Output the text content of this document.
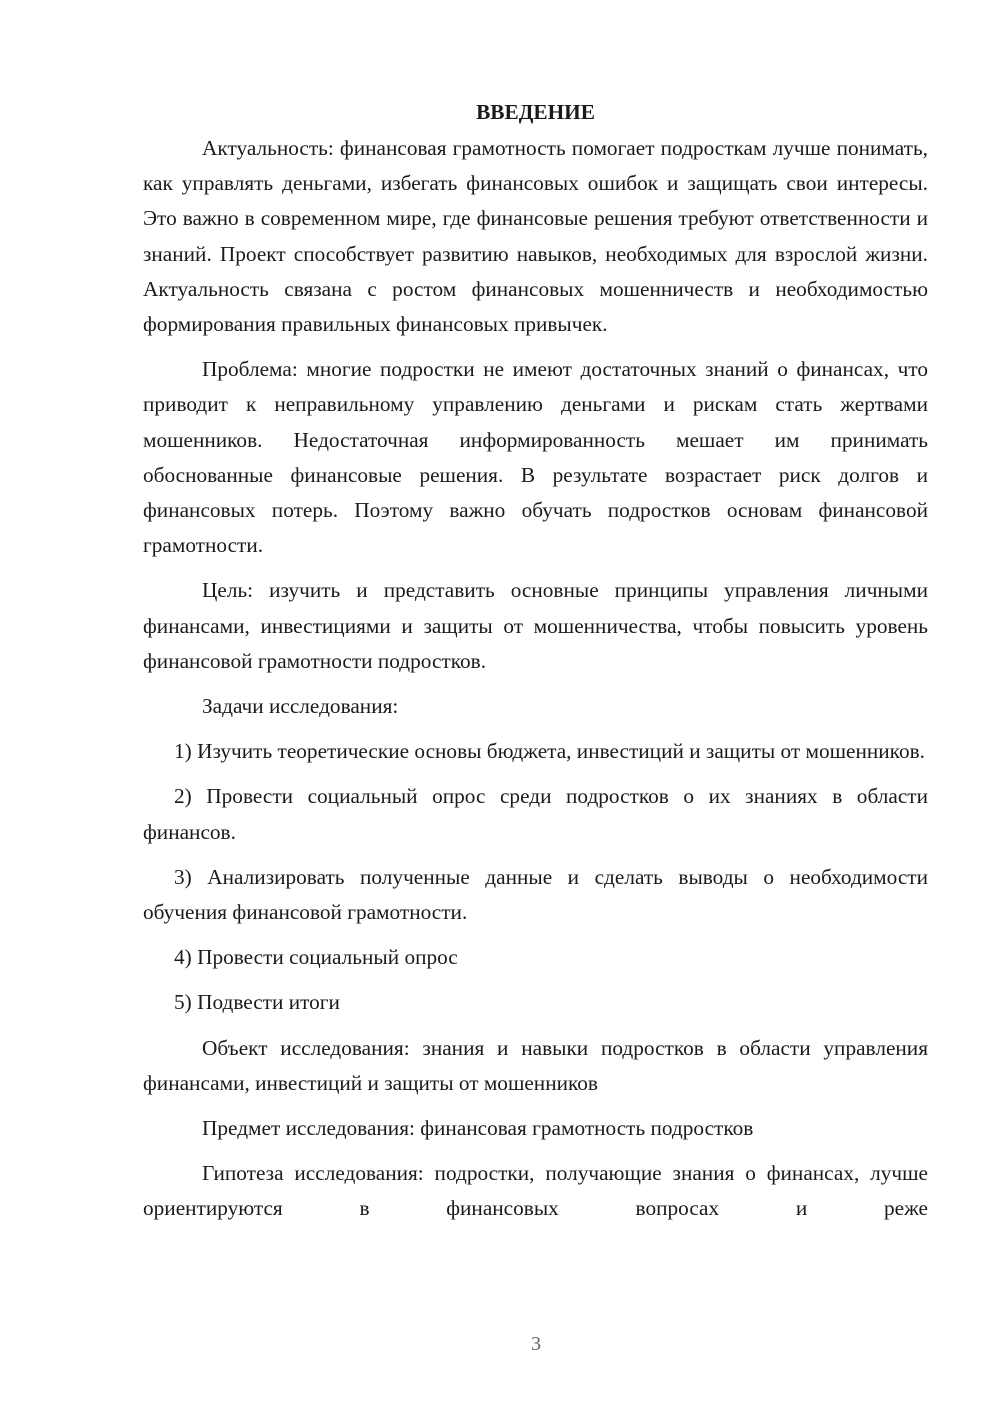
ВВЕДЕНИЕ

Актуальность: финансовая грамотность помогает подросткам лучше понимать, как управлять деньгами, избегать финансовых ошибок и защищать свои интересы. Это важно в современном мире, где финансовые решения требуют ответственности и знаний. Проект способствует развитию навыков, необходимых для взрослой жизни. Актуальность связана с ростом финансовых мошенничеств и необходимостью формирования правильных финансовых привычек.

Проблема: многие подростки не имеют достаточных знаний о финансах, что приводит к неправильному управлению деньгами и рискам стать жертвами мошенников. Недостаточная информированность мешает им принимать обоснованные финансовые решения. В результате возрастает риск долгов и финансовых потерь. Поэтому важно обучать подростков основам финансовой грамотности.

Цель: изучить и представить основные принципы управления личными финансами, инвестициями и защиты от мошенничества, чтобы повысить уровень финансовой грамотности подростков.

Задачи исследования:

1) Изучить теоретические основы бюджета, инвестиций и защиты от мошенников.

2) Провести социальный опрос среди подростков о их знаниях в области финансов.

3) Анализировать полученные данные и сделать выводы о необходимости обучения финансовой грамотности.

4) Провести социальный опрос

5) Подвести итоги

Объект исследования: знания и навыки подростков в области управления финансами, инвестиций и защиты от мошенников

Предмет исследования: финансовая грамотность подростков

Гипотеза исследования: подростки, получающие знания о финансах, лучше ориентируются в финансовых вопросах и реже

3
